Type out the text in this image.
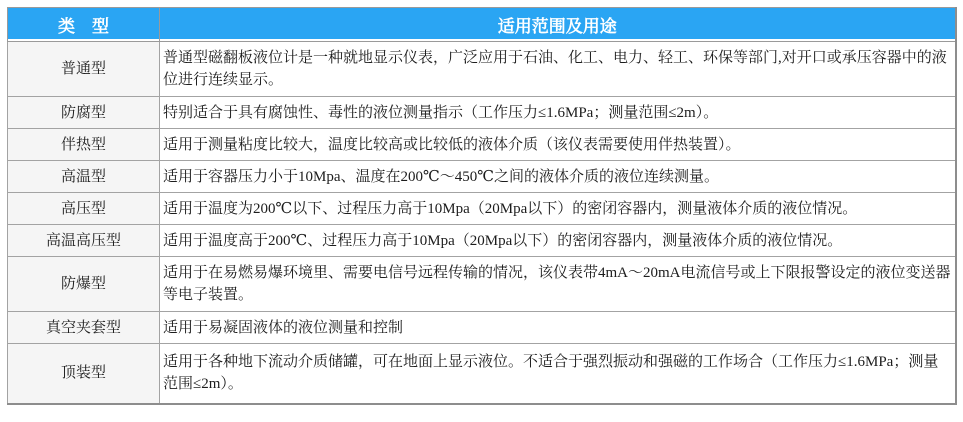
类　型	适用范围及用途
普通型	普通型磁翻板液位计是一种就地显示仪表，广泛应用于石油、化工、电力、轻工、环保等部门,对开口或承压容器中的液位进行连续显示。
防腐型	特别适合于具有腐蚀性、毒性的液位测量指示（工作压力≤1.6MPa；测量范围≤2m）。
伴热型	适用于测量粘度比较大，温度比较高或比较低的液体介质（该仪表需要使用伴热装置）。
高温型	适用于容器压力小于10Mpa、温度在200℃～450℃之间的液体介质的液位连续测量。
高压型	适用于温度为200℃以下、过程压力高于10Mpa（20Mpa以下）的密闭容器内，测量液体介质的液位情况。
高温高压型	适用于温度高于200℃、过程压力高于10Mpa（20Mpa以下）的密闭容器内，测量液体介质的液位情况。
防爆型	适用于在易燃易爆环境里、需要电信号远程传输的情况，该仪表带4mA～20mA电流信号或上下限报警设定的液位变送器等电子装置。
真空夹套型	适用于易凝固液体的液位测量和控制
顶装型	适用于各种地下流动介质储罐，可在地面上显示液位。不适合于强烈振动和强磁的工作场合（工作压力≤1.6MPa；测量范围≤2m）。
